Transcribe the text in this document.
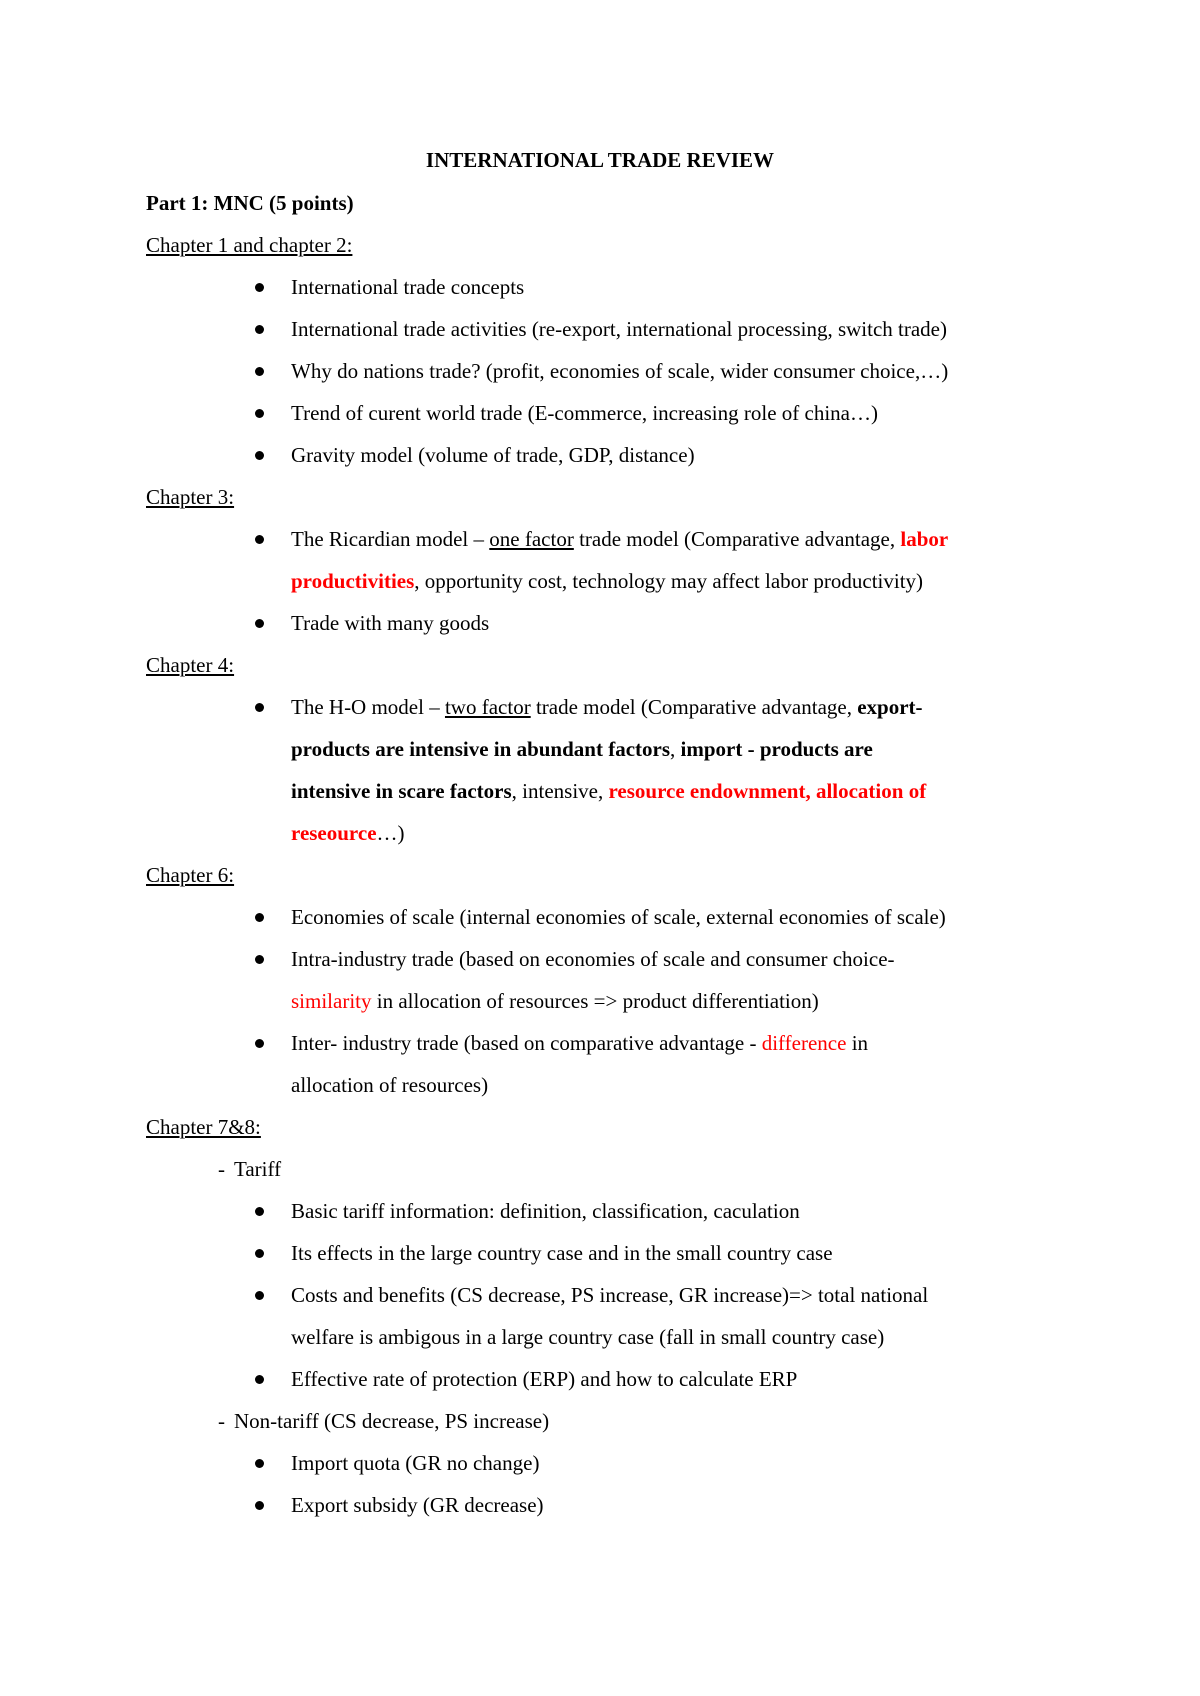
INTERNATIONAL TRADE REVIEW
Part 1: MNC (5 points)
Chapter 1 and chapter 2:
International trade concepts
International trade activities (re-export, international processing, switch trade)
Why do nations trade? (profit, economies of scale, wider consumer choice,…)
Trend of curent world trade (E-commerce, increasing role of china…)
Gravity model (volume of trade, GDP, distance)
Chapter 3:
The Ricardian model – one factor trade model (Comparative advantage, labor
productivities, opportunity cost, technology may affect labor productivity)
Trade with many goods
Chapter 4:
The H-O model – two factor trade model (Comparative advantage, export-
products are intensive in abundant factors, import - products are
intensive in scare factors, intensive, resource endownment, allocation of
reseource…)
Chapter 6:
Economies of scale (internal economies of scale, external economies of scale)
Intra-industry trade (based on economies of scale and consumer choice-
similarity in allocation of resources => product differentiation)
Inter- industry trade (based on comparative advantage - difference in
allocation of resources)
Chapter 7&8:
- Tariff
Basic tariff information: definition, classification, caculation
Its effects in the large country case and in the small country case
Costs and benefits (CS decrease, PS increase, GR increase)=> total national
welfare is ambigous in a large country case (fall in small country case)
Effective rate of protection (ERP) and how to calculate ERP
- Non-tariff (CS decrease, PS increase)
Import quota (GR no change)
Export subsidy (GR decrease)
